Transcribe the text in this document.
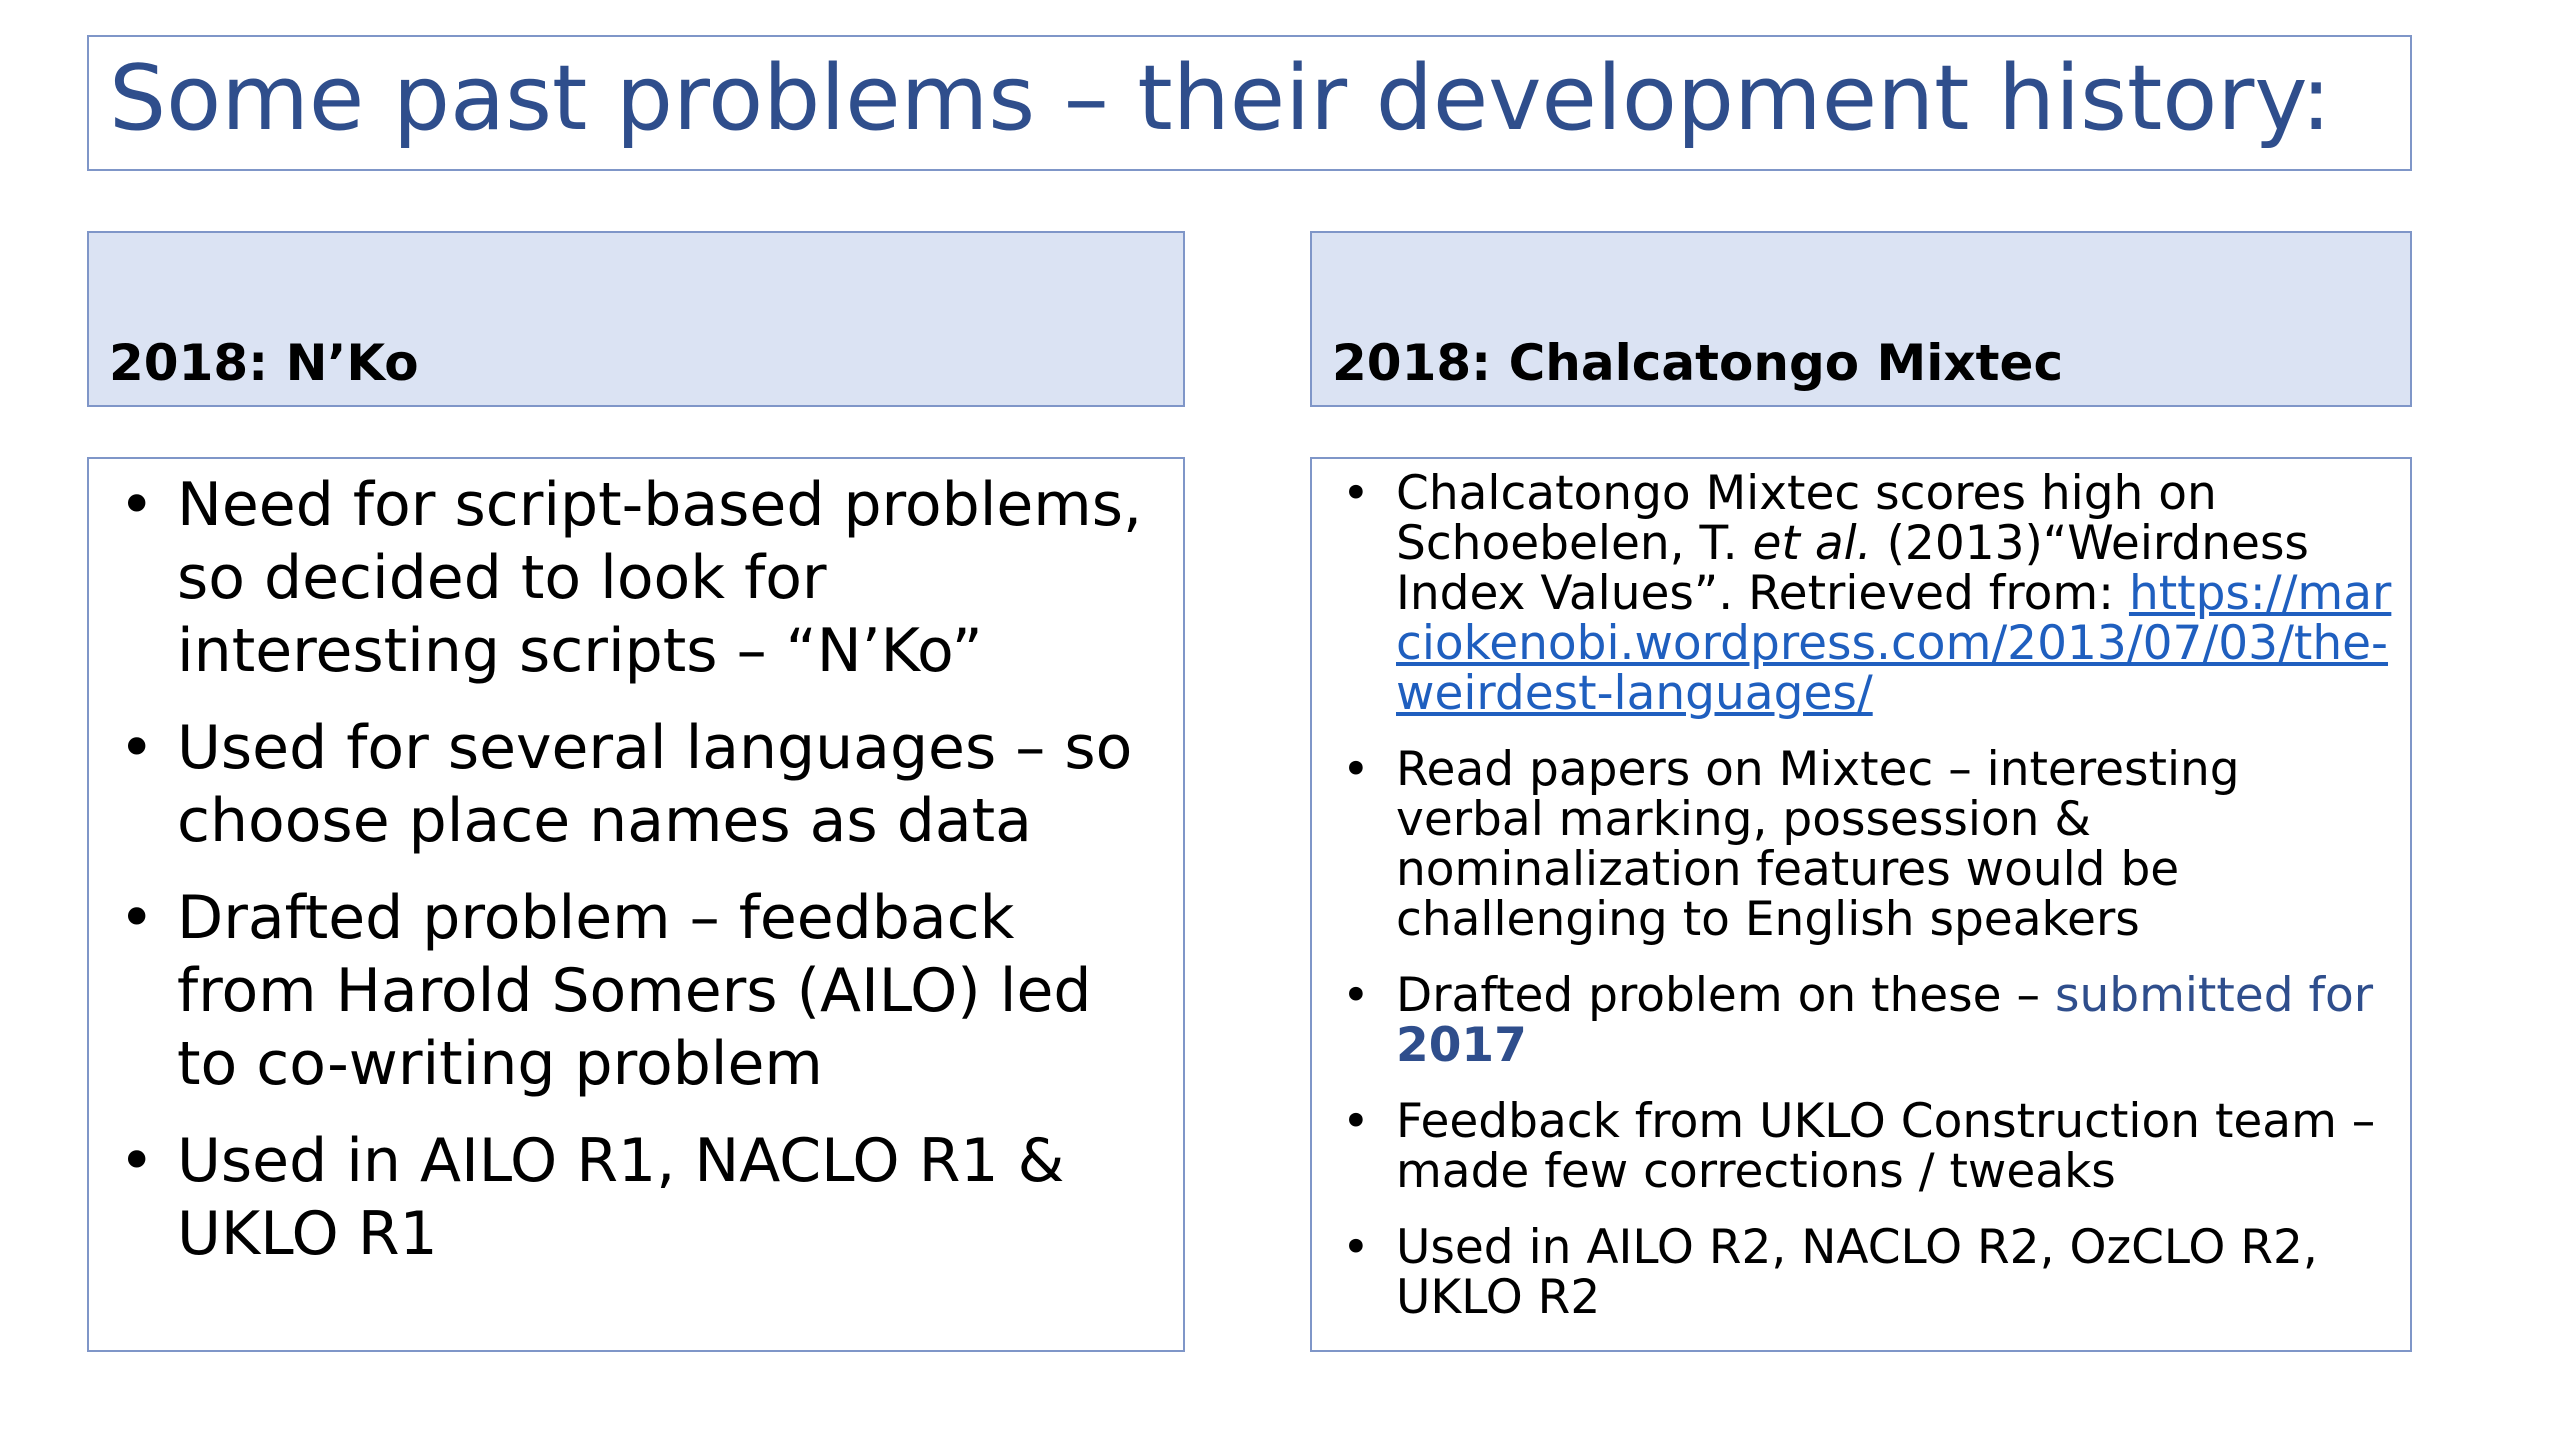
Some past problems – their development history:
2018: N’Ko	2018: Chalcatongo Mixtec
• Need for script-based problems, so decided to look for interesting scripts – “N’Ko”
• Used for several languages – so choose place names as data
• Drafted problem – feedback from Harold Somers (AILO) led to co-writing problem
• Used in AILO R1, NACLO R1 & UKLO R1
• Chalcatongo Mixtec scores high on Schoebelen, T. et al. (2013)“Weirdness Index Values”. Retrieved from: https://marciokenobi.wordpress.com/2013/07/03/the-weirdest-languages/
• Read papers on Mixtec – interesting verbal marking, possession & nominalization features would be challenging to English speakers
• Drafted problem on these – submitted for
2017
• Feedback from UKLO Construction team – made few corrections / tweaks
• Used in AILO R2, NACLO R2, OzCLO R2, UKLO R2
